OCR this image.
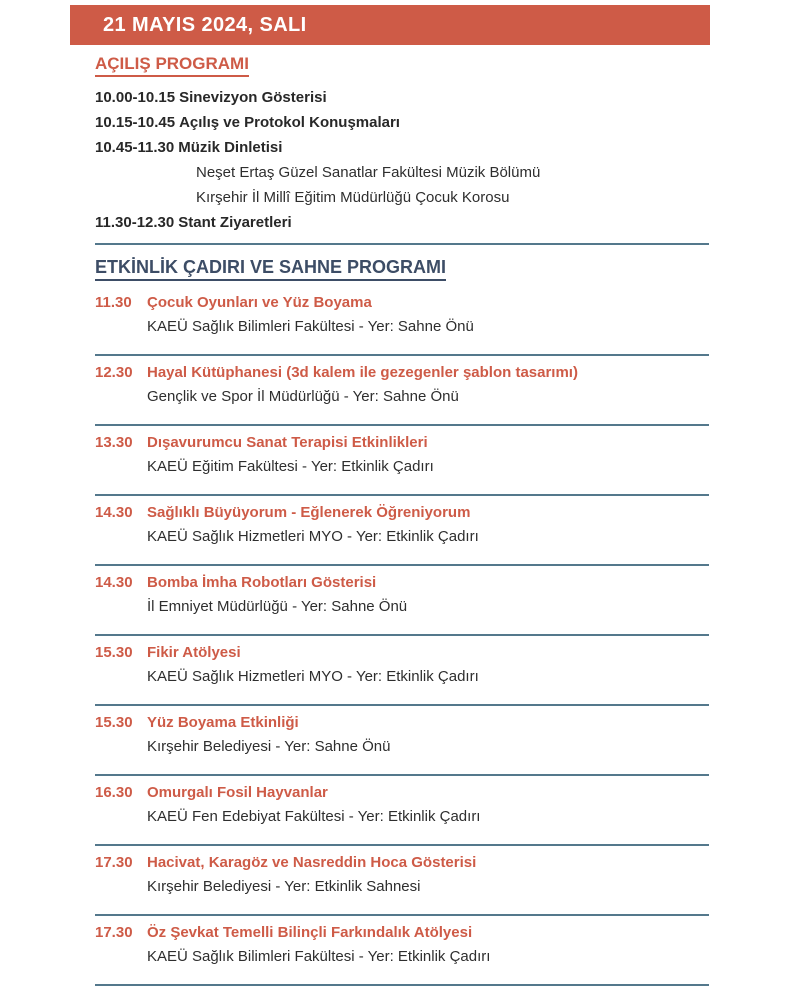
21 MAYIS 2024, SALI
AÇILIŞ PROGRAMI
10.00-10.15 Sinevizyon Gösterisi
10.15-10.45 Açılış ve Protokol Konuşmaları
10.45-11.30 Müzik Dinletisi
Neşet Ertaş Güzel Sanatlar Fakültesi Müzik Bölümü
Kırşehir İl Millî Eğitim Müdürlüğü Çocuk Korosu
11.30-12.30 Stant Ziyaretleri
ETKİNLİK ÇADIRI VE SAHNE PROGRAMI
11.30	Çocuk Oyunları ve Yüz Boyama
KAEÜ Sağlık Bilimleri Fakültesi - Yer: Sahne Önü
12.30 Hayal Kütüphanesi (3d kalem ile gezegenler şablon tasarımı)
Gençlik ve Spor İl Müdürlüğü - Yer: Sahne Önü
13.30 Dışavurumcu Sanat Terapisi Etkinlikleri
KAEÜ Eğitim Fakültesi - Yer: Etkinlik Çadırı
14.30 Sağlıklı Büyüyorum - Eğlenerek Öğreniyorum
KAEÜ Sağlık Hizmetleri MYO - Yer: Etkinlik Çadırı
14.30 Bomba İmha Robotları Gösterisi
İl Emniyet Müdürlüğü - Yer: Sahne Önü
15.30 Fikir Atölyesi
KAEÜ Sağlık Hizmetleri MYO - Yer: Etkinlik Çadırı
15.30 Yüz Boyama Etkinliği
Kırşehir Belediyesi - Yer: Sahne Önü
16.30 Omurgalı Fosil Hayvanlar
KAEÜ Fen Edebiyat Fakültesi - Yer: Etkinlik Çadırı
17.30 Hacivat, Karagöz ve Nasreddin Hoca Gösterisi
Kırşehir Belediyesi - Yer: Etkinlik Sahnesi
17.30 Öz Şevkat Temelli Bilinçli Farkındalık Atölyesi
KAEÜ Sağlık Bilimleri Fakültesi - Yer: Etkinlik Çadırı
